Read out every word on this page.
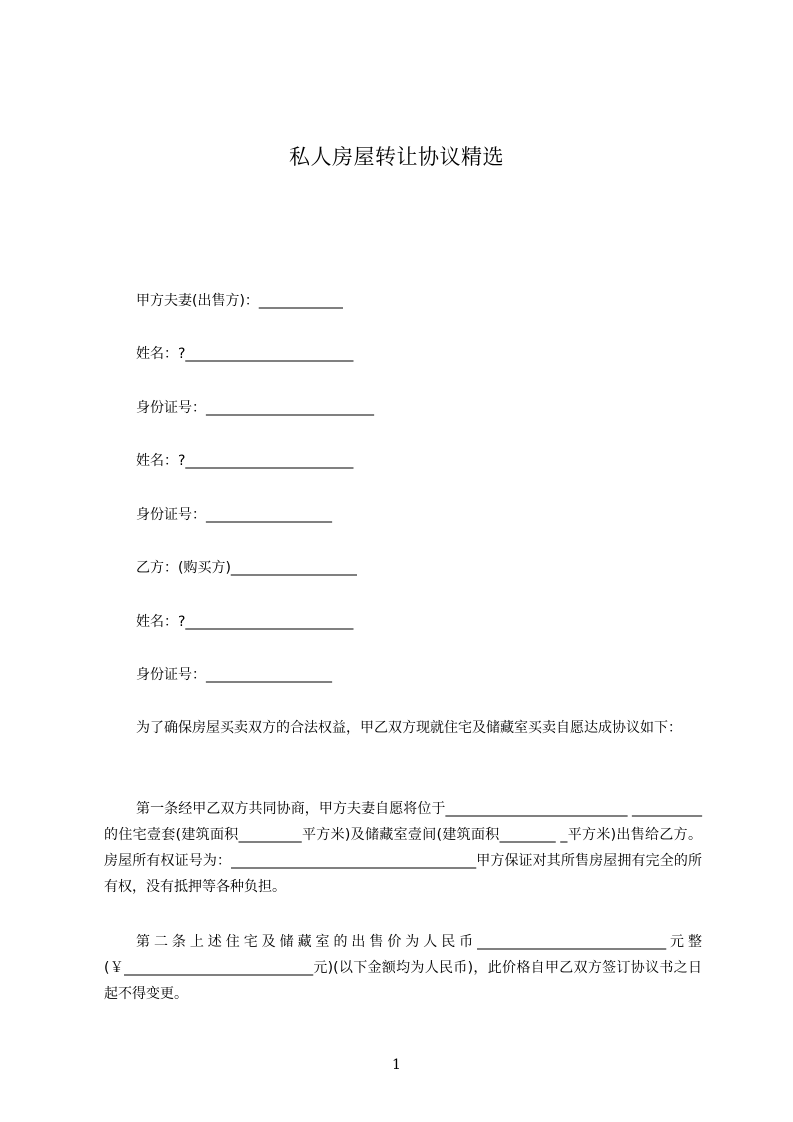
私人房屋转让协议精选
甲方夫妻(出售方)：____________
姓名：?________________________
身份证号：________________________
姓名：?________________________
身份证号：__________________
乙方：(购买方)__________________
姓名：?________________________
身份证号：__________________
为了确保房屋买卖双方的合法权益，甲乙双方现就住宅及储藏室买卖自愿达成协议如下：
第一条经甲乙双方共同协商，甲方夫妻自愿将位于__________________________ __________的住宅壹套(建筑面积_________平方米)及储藏室壹间(建筑面积________ _平方米)出售给乙方。房屋所有权证号为：___________________________________甲方保证对其所售房屋拥有完全的所有权，没有抵押等各种负担。
第二条上述住宅及储藏室的出售价为人民币___________________________元整(￥___________________________元)(以下金额均为人民币)，此价格自甲乙双方签订协议书之日起不得变更。
1
